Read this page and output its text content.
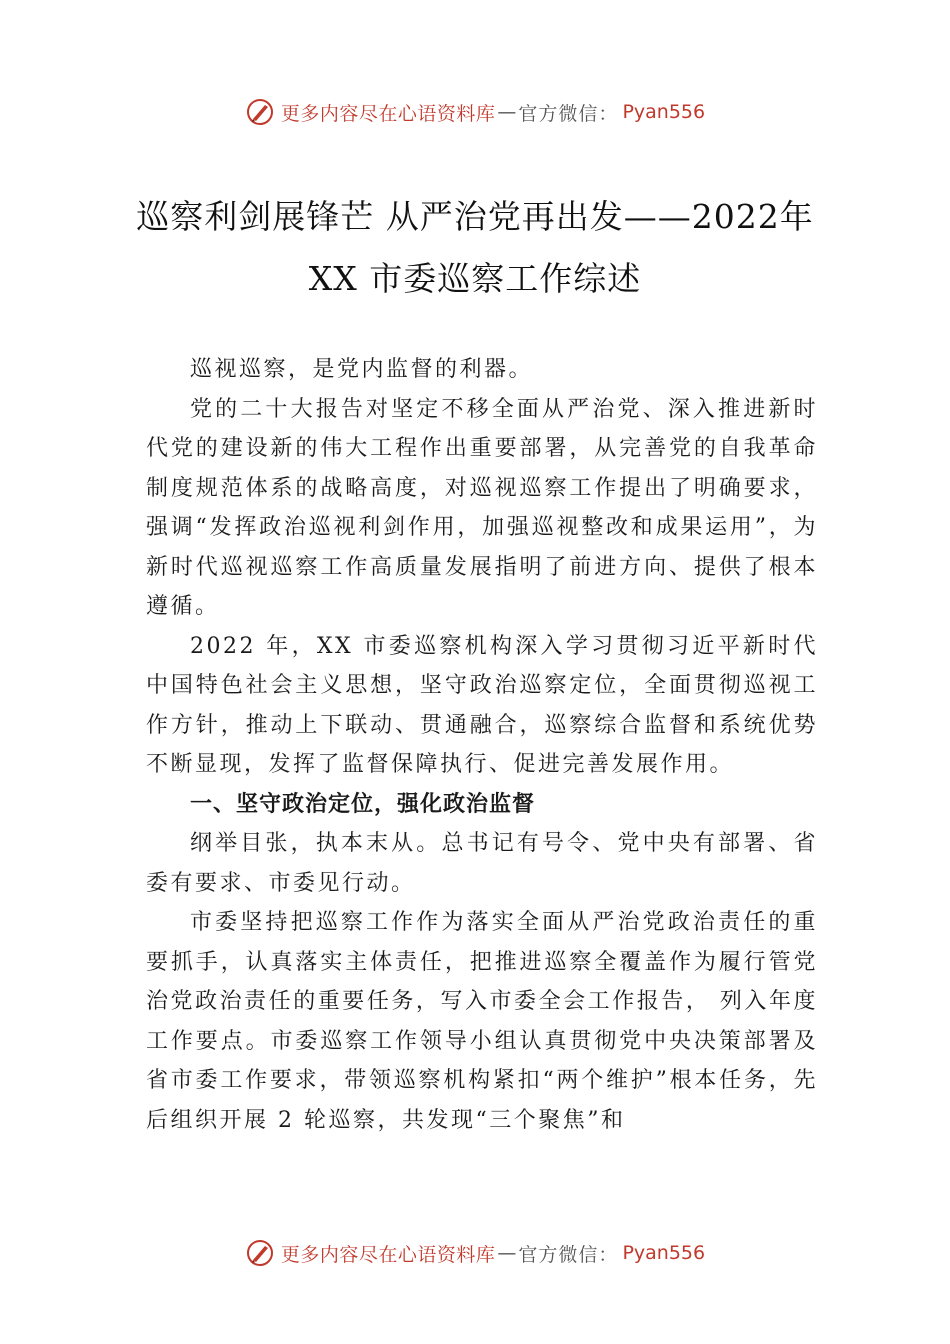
更多内容尽在心语资料库 — 官方微信： Pyan556
巡察利剑展锋芒 从严治党再出发——2022年 XX 市委巡察工作综述

巡视巡察，是党内监督的利器。

党的二十大报告对坚定不移全面从严治党、深入推进新时代党的建设新的伟大工程作出重要部署，从完善党的自我革命制度规范体系的战略高度，对巡视巡察工作提出了明确要求，强调“发挥政治巡视利剑作用，加强巡视整改和成果运用”，为新时代巡视巡察工作高质量发展指明了前进方向、提供了根本遵循。

2022 年，XX 市委巡察机构深入学习贯彻习近平新时代中国特色社会主义思想，坚守政治巡察定位，全面贯彻巡视工作方针，推动上下联动、贯通融合，巡察综合监督和系统优势不断显现，发挥了监督保障执行、促进完善发展作用。

一、坚守政治定位，强化政治监督

纲举目张，执本末从。总书记有号令、党中央有部署、省委有要求、市委见行动。

市委坚持把巡察工作作为落实全面从严治党政治责任的重要抓手，认真落实主体责任，把推进巡察全覆盖作为履行管党治党政治责任的重要任务，写入市委全会工作报告， 列入年度工作要点。市委巡察工作领导小组认真贯彻党中央决策部署及省市委工作要求，带领巡察机构紧扣“两个维护”根本任务，先后组织开展 2 轮巡察，共发现“三个聚焦”和

更多内容尽在心语资料库 — 官方微信： Pyan556
